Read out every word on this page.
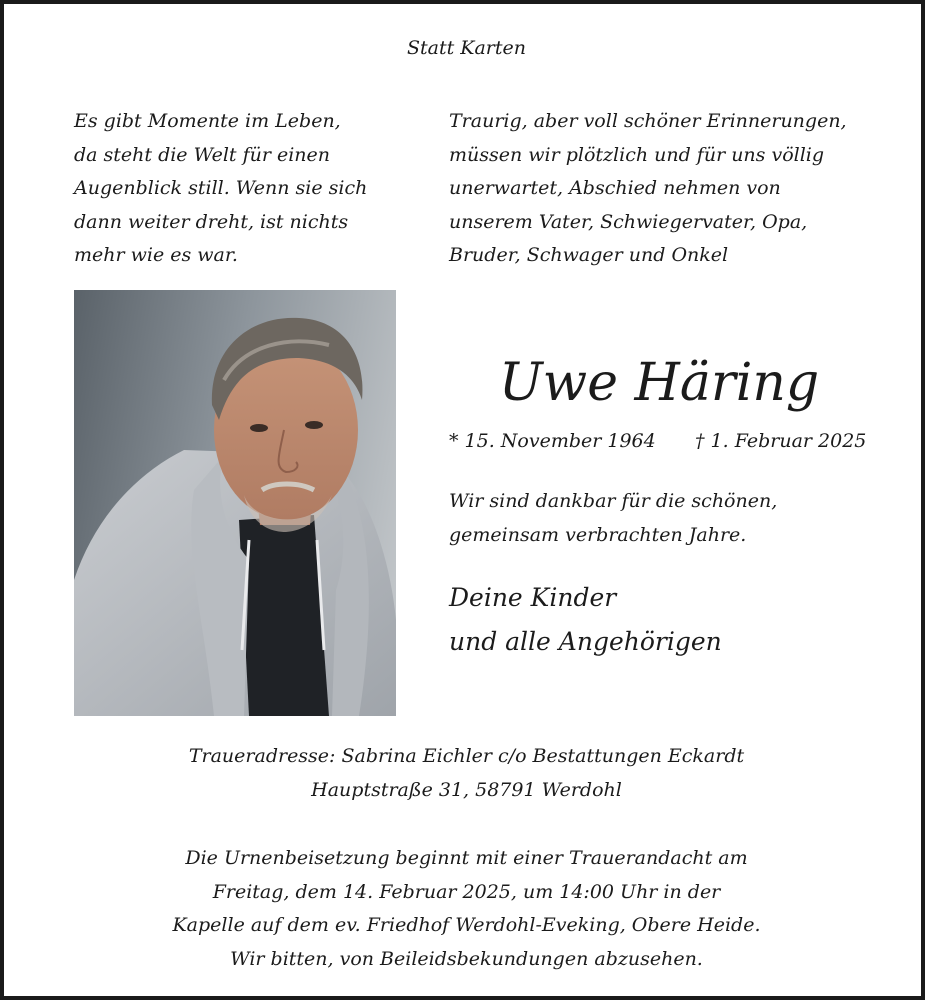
Statt Karten

Es gibt Momente im Leben,
da steht die Welt für einen
Augenblick still. Wenn sie sich
dann weiter dreht, ist nichts
mehr wie es war.
Traurig, aber voll schöner Erinnerungen,
müssen wir plötzlich und für uns völlig
unerwartet, Abschied nehmen von
unserem Vater, Schwiegervater, Opa,
Bruder, Schwager und Onkel

Uwe Häring

* 15. November 1964 † 1. Februar 2025
Wir sind dankbar für die schönen,
gemeinsam verbrachten Jahre.
Deine Kinder
und alle Angehörigen
Traueradresse: Sabrina Eichler c/o Bestattungen Eckardt
Hauptstraße 31, 58791 Werdohl
Die Urnenbeisetzung beginnt mit einer Trauerandacht am
Freitag, dem 14. Februar 2025, um 14:00 Uhr in der
Kapelle auf dem ev. Friedhof Werdohl-Eveking, Obere Heide.
Wir bitten, von Beileidsbekundungen abzusehen.
